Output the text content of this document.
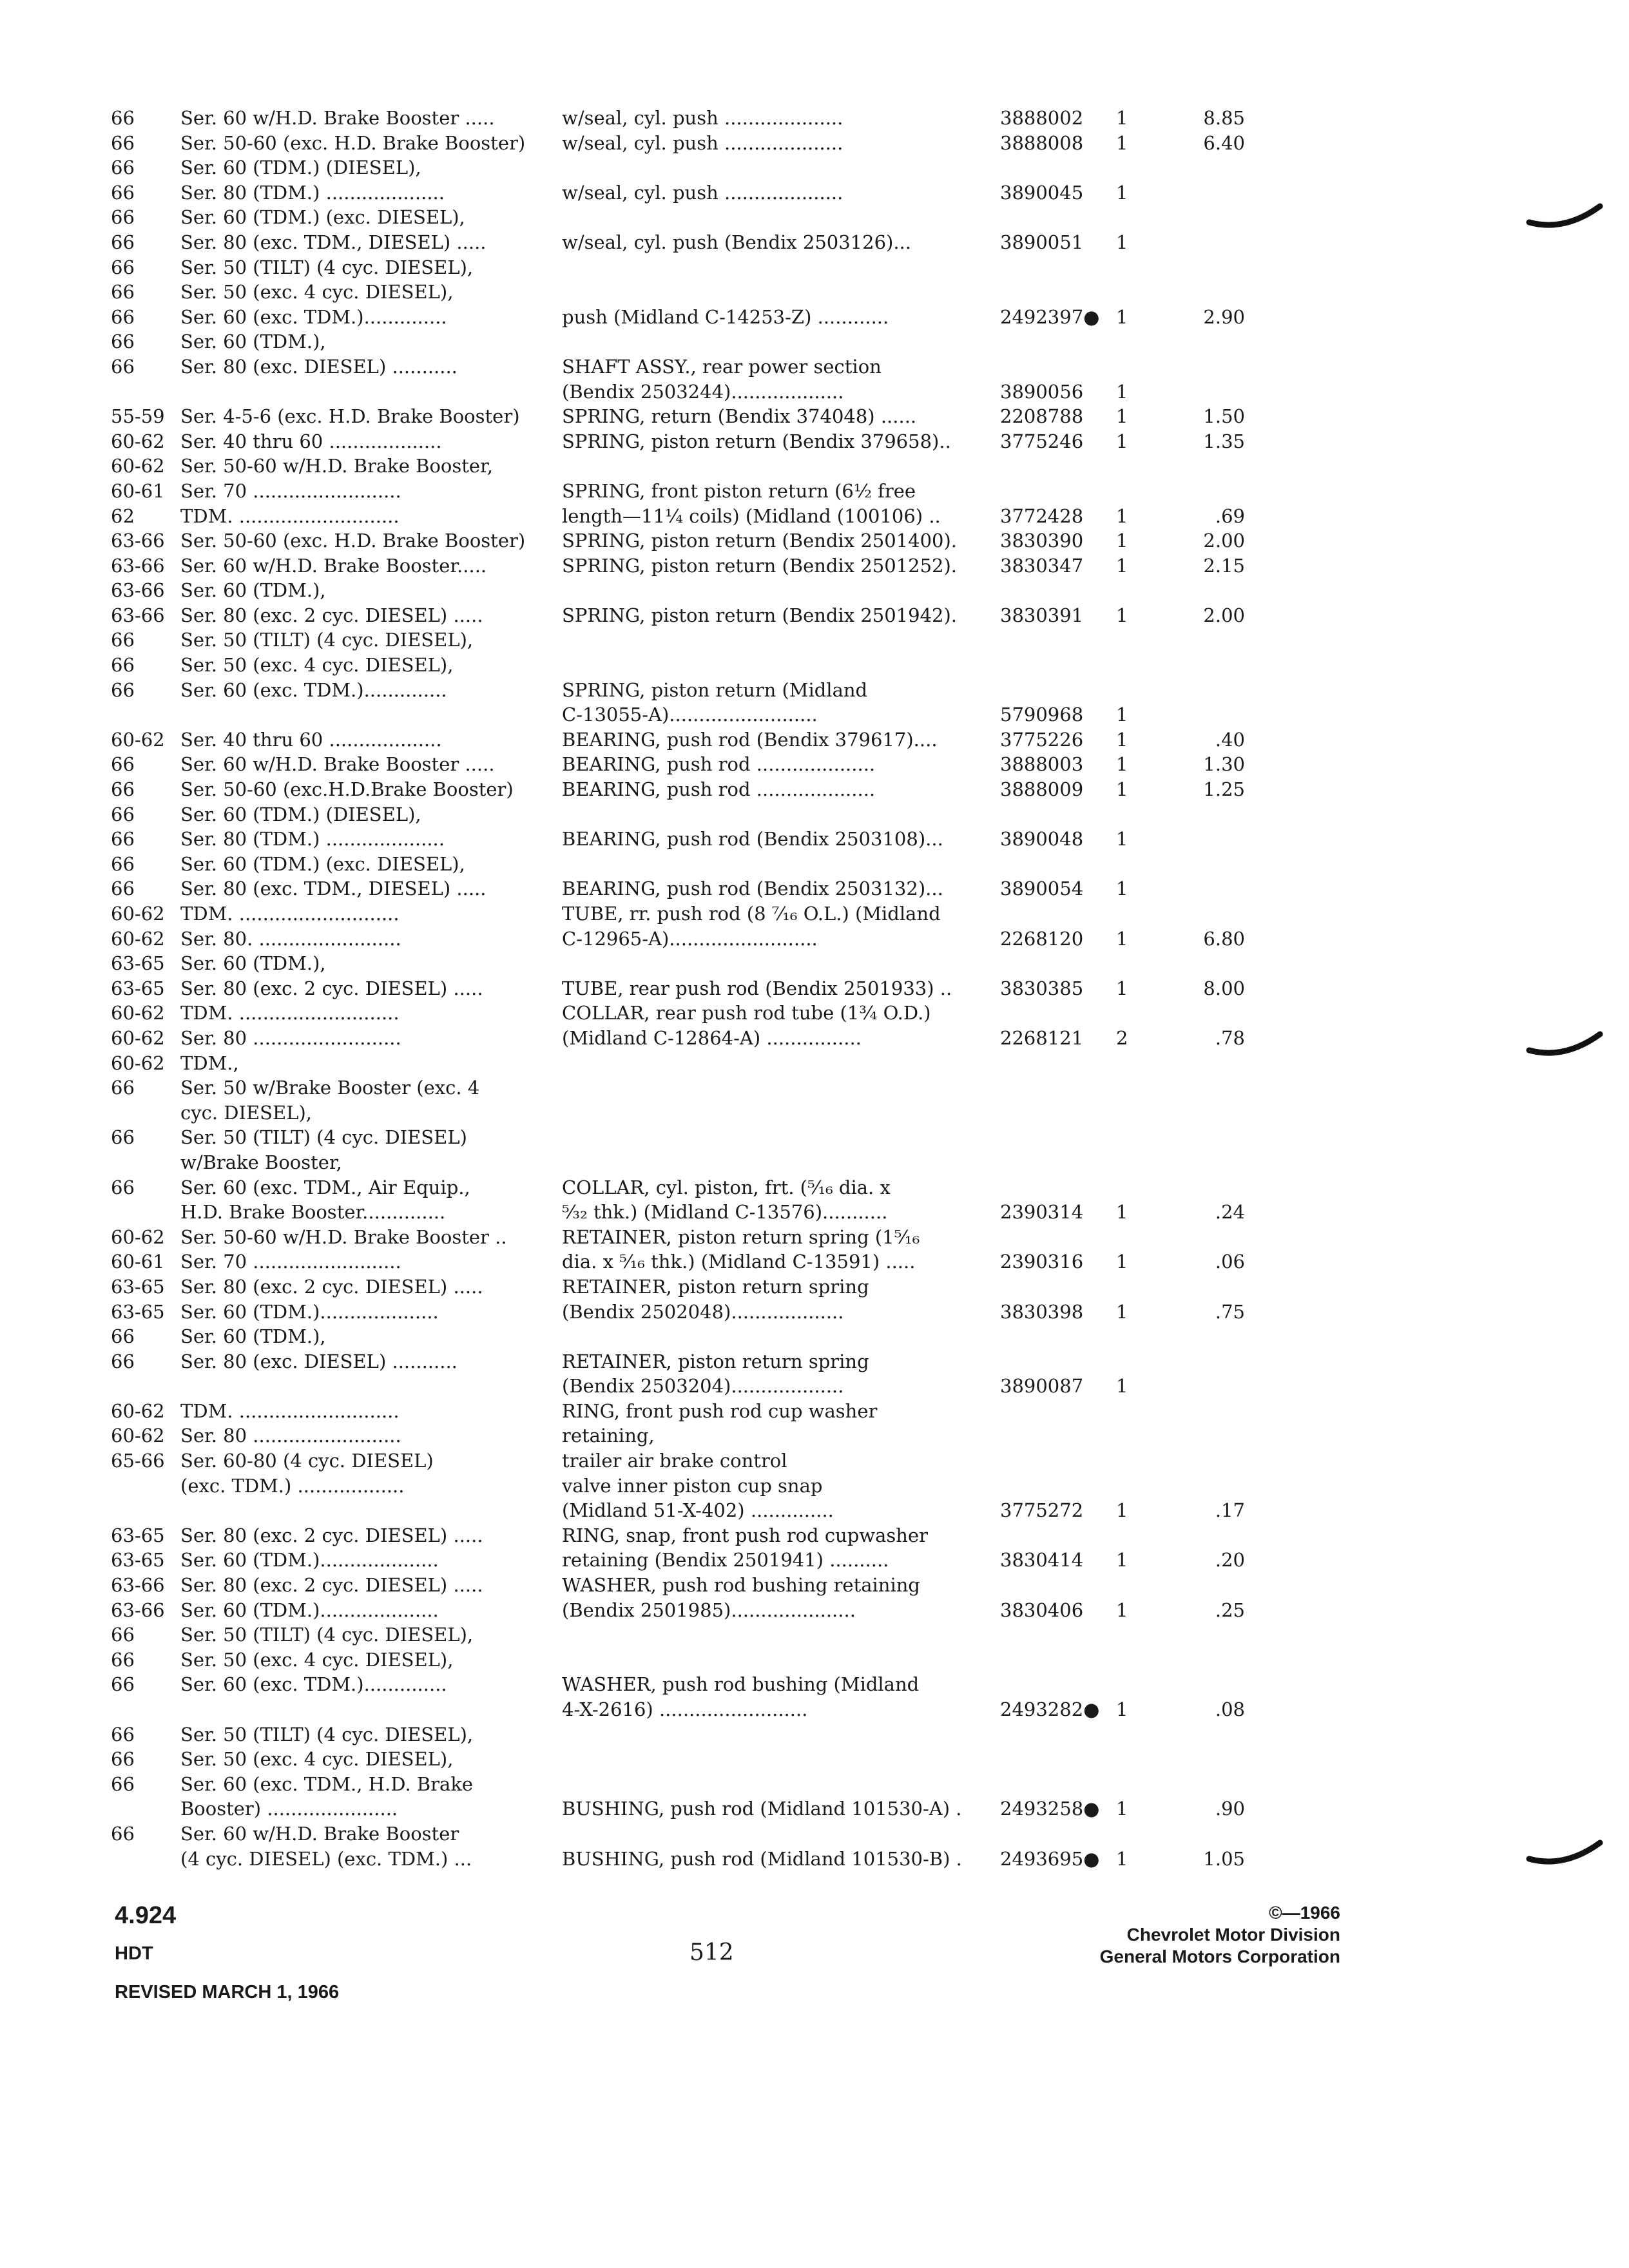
66	Ser. 60 w/H.D. Brake Booster .....	w/seal, cyl. push ....................	3888002	1	8.85
66	Ser. 50-60 (exc. H.D. Brake Booster)	w/seal, cyl. push ....................	3888008	1	6.40
66	Ser. 60 (TDM.) (DIESEL),
66	Ser. 80 (TDM.) ....................	w/seal, cyl. push ....................	3890045	1
66	Ser. 60 (TDM.) (exc. DIESEL),
66	Ser. 80 (exc. TDM., DIESEL) .....	w/seal, cyl. push (Bendix 2503126)...	3890051	1
66	Ser. 50 (TILT) (4 cyc. DIESEL),
66	Ser. 50 (exc. 4 cyc. DIESEL),
66	Ser. 60 (exc. TDM.)..............	push (Midland C-14253-Z) ............	2492397● 1	2.90
66	Ser. 60 (TDM.),
66	Ser. 80 (exc. DIESEL) ...........	SHAFT ASSY., rear power section
(Bendix 2503244)...................	3890056	1
55-59 Ser. 4-5-6 (exc. H.D. Brake Booster)	SPRING, return (Bendix 374048) ......	2208788	1	1.50
60-62 Ser. 40 thru 60 ...................	SPRING, piston return (Bendix 379658)..	3775246	1	1.35
60-62 Ser. 50-60 w/H.D. Brake Booster,
60-61 Ser. 70 .........................	SPRING, front piston return (6½ free
62	TDM. ...........................	length—11¼ coils) (Midland (100106) ..	3772428	1	.69
63-66 Ser. 50-60 (exc. H.D. Brake Booster)	SPRING, piston return (Bendix 2501400).	3830390	1	2.00
63-66 Ser. 60 w/H.D. Brake Booster.....	SPRING, piston return (Bendix 2501252).	3830347	1	2.15
63-66 Ser. 60 (TDM.),
63-66 Ser. 80 (exc. 2 cyc. DIESEL) .....	SPRING, piston return (Bendix 2501942).	3830391	1	2.00
66	Ser. 50 (TILT) (4 cyc. DIESEL),
66	Ser. 50 (exc. 4 cyc. DIESEL),
66	Ser. 60 (exc. TDM.)..............	SPRING, piston return (Midland
C-13055-A).........................	5790968	1
60-62 Ser. 40 thru 60 ...................	BEARING, push rod (Bendix 379617)....	3775226	1	.40
66	Ser. 60 w/H.D. Brake Booster .....	BEARING, push rod ....................	3888003	1	1.30
66	Ser. 50-60 (exc.H.D.Brake Booster)	BEARING, push rod ....................	3888009	1	1.25
66	Ser. 60 (TDM.) (DIESEL),
66	Ser. 80 (TDM.) ....................	BEARING, push rod (Bendix 2503108)...	3890048	1
66	Ser. 60 (TDM.) (exc. DIESEL),
66	Ser. 80 (exc. TDM., DIESEL) .....	BEARING, push rod (Bendix 2503132)...	3890054	1
60-62 TDM. ...........................	TUBE, rr. push rod (8 ⁷⁄₁₆ O.L.) (Midland
60-62 Ser. 80. ........................	C-12965-A).........................	2268120	1	6.80
63-65 Ser. 60 (TDM.),
63-65 Ser. 80 (exc. 2 cyc. DIESEL) .....	TUBE, rear push rod (Bendix 2501933) ..	3830385	1	8.00
60-62 TDM. ...........................	COLLAR, rear push rod tube (1¾ O.D.)
60-62 Ser. 80 .........................	(Midland C-12864-A) ................	2268121	2	.78
60-62 TDM.,
66	Ser. 50 w/Brake Booster (exc. 4
cyc. DIESEL),
66	Ser. 50 (TILT) (4 cyc. DIESEL)
w/Brake Booster,
66	Ser. 60 (exc. TDM., Air Equip.,	COLLAR, cyl. piston, frt. (⁵⁄₁₆ dia. x
H.D. Brake Booster..............	⁵⁄₃₂ thk.) (Midland C-13576)...........	2390314	1	.24
60-62 Ser. 50-60 w/H.D. Brake Booster ..	RETAINER, piston return spring (1⁵⁄₁₆
60-61 Ser. 70 .........................	dia. x ⁵⁄₁₆ thk.) (Midland C-13591) .....	2390316	1	.06
63-65 Ser. 80 (exc. 2 cyc. DIESEL) .....	RETAINER, piston return spring
63-65 Ser. 60 (TDM.)....................	(Bendix 2502048)...................	3830398	1	.75
66	Ser. 60 (TDM.),
66	Ser. 80 (exc. DIESEL) ...........	RETAINER, piston return spring
(Bendix 2503204)...................	3890087	1
60-62 TDM. ...........................	RING, front push rod cup washer
60-62 Ser. 80 .........................	retaining,
65-66 Ser. 60-80 (4 cyc. DIESEL)	trailer air brake control
(exc. TDM.) ..................	valve inner piston cup snap
(Midland 51-X-402) ..............	3775272	1	.17
63-65 Ser. 80 (exc. 2 cyc. DIESEL) .....	RING, snap, front push rod cupwasher
63-65 Ser. 60 (TDM.)....................	retaining (Bendix 2501941) ..........	3830414	1	.20
63-66 Ser. 80 (exc. 2 cyc. DIESEL) .....	WASHER, push rod bushing retaining
63-66 Ser. 60 (TDM.)....................	(Bendix 2501985).....................	3830406	1	.25
66	Ser. 50 (TILT) (4 cyc. DIESEL),
66	Ser. 50 (exc. 4 cyc. DIESEL),
66	Ser. 60 (exc. TDM.)..............	WASHER, push rod bushing (Midland
4-X-2616) .........................	2493282● 1	.08
66	Ser. 50 (TILT) (4 cyc. DIESEL),
66	Ser. 50 (exc. 4 cyc. DIESEL),
66	Ser. 60 (exc. TDM., H.D. Brake
Booster) ......................	BUSHING, push rod (Midland 101530-A) .	2493258● 1	.90
66	Ser. 60 w/H.D. Brake Booster
(4 cyc. DIESEL) (exc. TDM.) ...	BUSHING, push rod (Midland 101530-B) .	2493695● 1	1.05
4.924
HDT
REVISED MARCH 1, 1966
512
©—1966
Chevrolet Motor Division
General Motors Corporation
